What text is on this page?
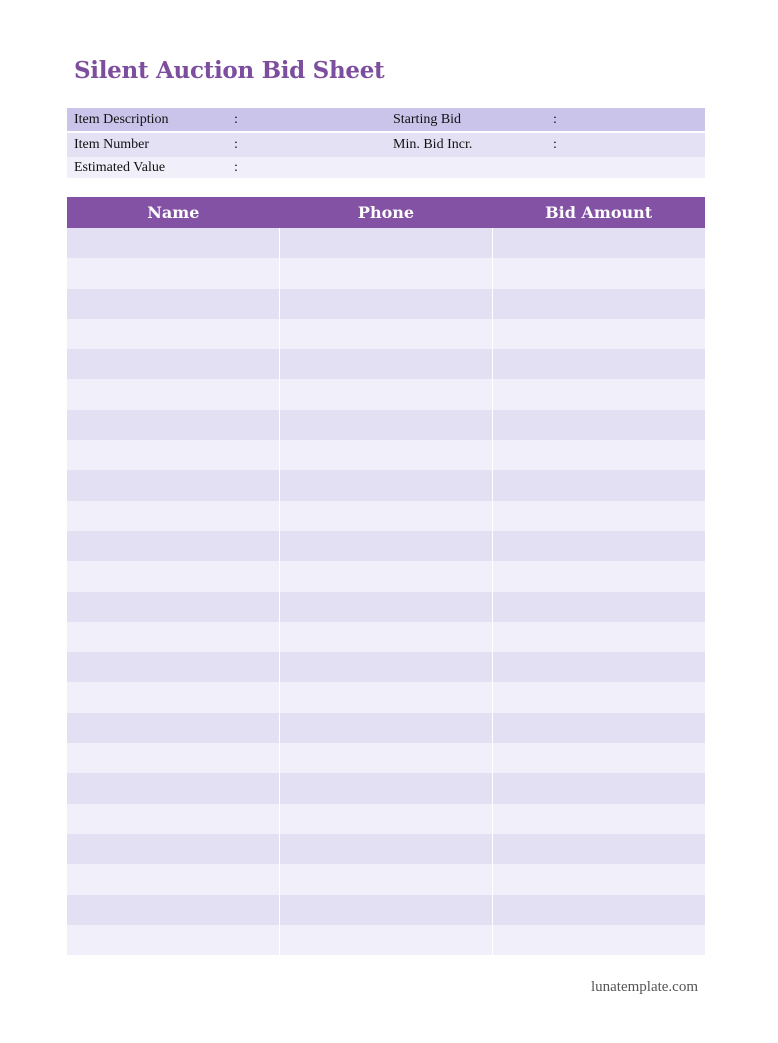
Silent Auction Bid Sheet
Item Description	:	Starting Bid	:
Item Number	:	Min. Bid Incr.	:
Estimated Value	:
Name	Phone	Bid Amount
lunatemplate.com
